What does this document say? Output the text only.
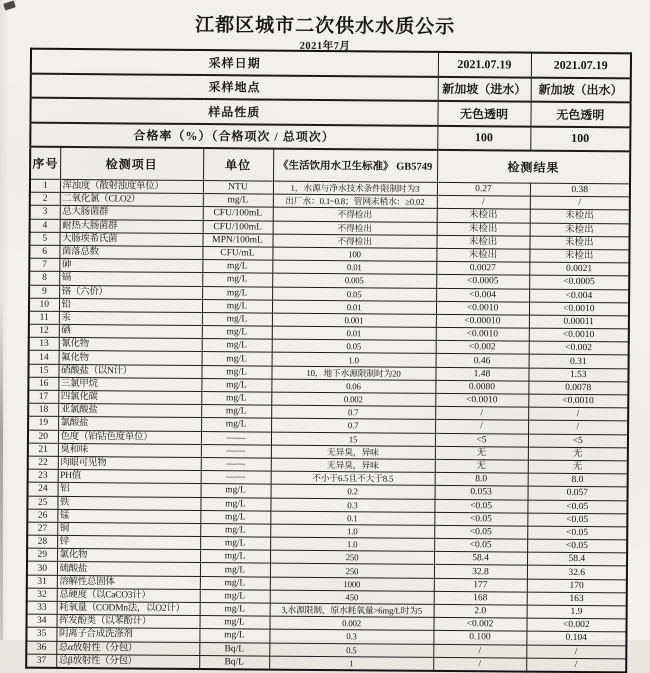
江都区城市二次供水水质公示
2021年7月
采样日期				2021.07.19	2021.07.19
采样地点				新加坡（进水）	新加坡（出水）
样品性质				无色透明	无色透明
合格率（%）（合格项次 / 总项次）				100	100
序号	检测项目	单位	《生活饮用水卫生标准》 GB5749	检测结果	
1	浑浊度（散射浊度单位）	NTU	1，水源与净水技术条件限制时为3	0.27	0.38
2	二氧化氯（CLO2）	mg/L	出厂水：0.1~0.8；管网末稍水：≥0.02	/	/
3	总大肠菌群	CFU/100mL	不得检出	未检出	未检出
4	耐热大肠菌群	CFU/100mL	不得检出	未检出	未检出
5	大肠埃希氏菌	MPN/100mL	不得检出	未检出	未检出
6	菌落总数	CFU/mL	100	未检出	未检出
7	砷	mg/L	0.01	0.0027	0.0021
8	镉	mg/L	0.005	<0.0005	<0.0005
9	铬（六价）	mg/L	0.05	<0.004	<0.004
10	铅	mg/L	0.01	<0.0010	<0.0010
11	汞	mg/L	0.001	<0.00010	0.00011
12	硒	mg/L	0.01	<0.0010	<0.0010
13	氰化物	mg/L	0.05	<0.002	<0.002
14	氟化物	mg/L	1.0	0.46	0.31
15	硝酸盐（以N计）	mg/L	10，地下水源限制时为20	1.48	1.53
16	三氯甲烷	mg/L	0.06	0.0080	0.0078
17	四氯化碳	mg/L	0.002	<0.0010	<0.0010
18	亚氯酸盐	mg/L	0.7	/	/
19	氯酸盐	mg/L	0.7	/	/
20	色度（铂钴色度单位）	——	15	<5	<5
21	臭和味	——	无异臭，异味	无	无
22	肉眼可见物	——	无异臭，异味	无	无
23	PH值	——	不小于6.5且不大于8.5	8.0	8.0
24	铝	mg/L	0.2	0.053	0.057
25	铁	mg/L	0.3	<0.05	<0.05
26	锰	mg/L	0.1	<0.05	<0.05
27	铜	mg/L	1.0	<0.05	<0.05
28	锌	mg/L	1.0	<0.05	<0.05
29	氯化物	mg/L	250	58.4	58.4
30	硫酸盐	mg/L	250	32.8	32.6
31	溶解性总固体	mg/L	1000	177	170
32	总硬度（以CaCO3计）	mg/L	450	168	163
33	耗氧量（CODMn法，以O2计）	mg/L	3,水源限制，原水耗氧量>6mg/L时为5	2.0	1.9
34	挥发酚类（以苯酚计）	mg/L	0.002	<0.002	<0.002
35	阴离子合成洗涤剂	mg/L	0.3	0.100	0.104
36	总α放射性（分包）	Bq/L	0.5	/	/
37	总β放射性（分包）	Bq/L	1	/	/
